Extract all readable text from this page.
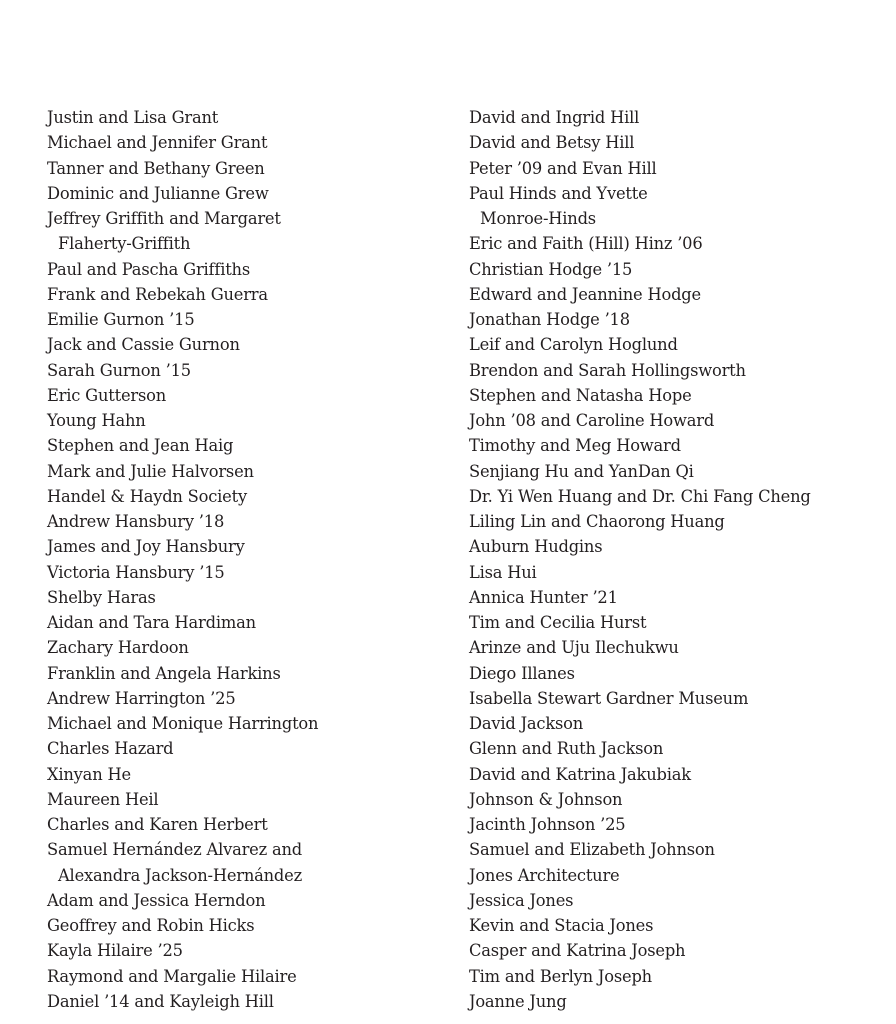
Justin and Lisa Grant
Michael and Jennifer Grant
Tanner and Bethany Green
Dominic and Julianne Grew
Jeffrey Griffith and Margaret
Flaherty-Griffith
Paul and Pascha Griffiths
Frank and Rebekah Guerra
Emilie Gurnon ’15
Jack and Cassie Gurnon
Sarah Gurnon ’15
Eric Gutterson
Young Hahn
Stephen and Jean Haig
Mark and Julie Halvorsen
Handel & Haydn Society
Andrew Hansbury ’18
James and Joy Hansbury
Victoria Hansbury ’15
Shelby Haras
Aidan and Tara Hardiman
Zachary Hardoon
Franklin and Angela Harkins
Andrew Harrington ’25
Michael and Monique Harrington
Charles Hazard
Xinyan He
Maureen Heil
Charles and Karen Herbert
Samuel Hernández Alvarez and
Alexandra Jackson-Hernández
Adam and Jessica Herndon
Geoffrey and Robin Hicks
Kayla Hilaire ’25
Raymond and Margalie Hilaire
Daniel ’14 and Kayleigh Hill
David and Ingrid Hill
David and Betsy Hill
Peter ’09 and Evan Hill
Paul Hinds and Yvette
Monroe-Hinds
Eric and Faith (Hill) Hinz ’06
Christian Hodge ’15
Edward and Jeannine Hodge
Jonathan Hodge ’18
Leif and Carolyn Hoglund
Brendon and Sarah Hollingsworth
Stephen and Natasha Hope
John ’08 and Caroline Howard
Timothy and Meg Howard
Senjiang Hu and YanDan Qi
Dr. Yi Wen Huang and Dr. Chi Fang Cheng
Liling Lin and Chaorong Huang
Auburn Hudgins
Lisa Hui
Annica Hunter ’21
Tim and Cecilia Hurst
Arinze and Uju Ilechukwu
Diego Illanes
Isabella Stewart Gardner Museum
David Jackson
Glenn and Ruth Jackson
David and Katrina Jakubiak
Johnson & Johnson
Jacinth Johnson ’25
Samuel and Elizabeth Johnson
Jones Architecture
Jessica Jones
Kevin and Stacia Jones
Casper and Katrina Joseph
Tim and Berlyn Joseph
Joanne Jung
